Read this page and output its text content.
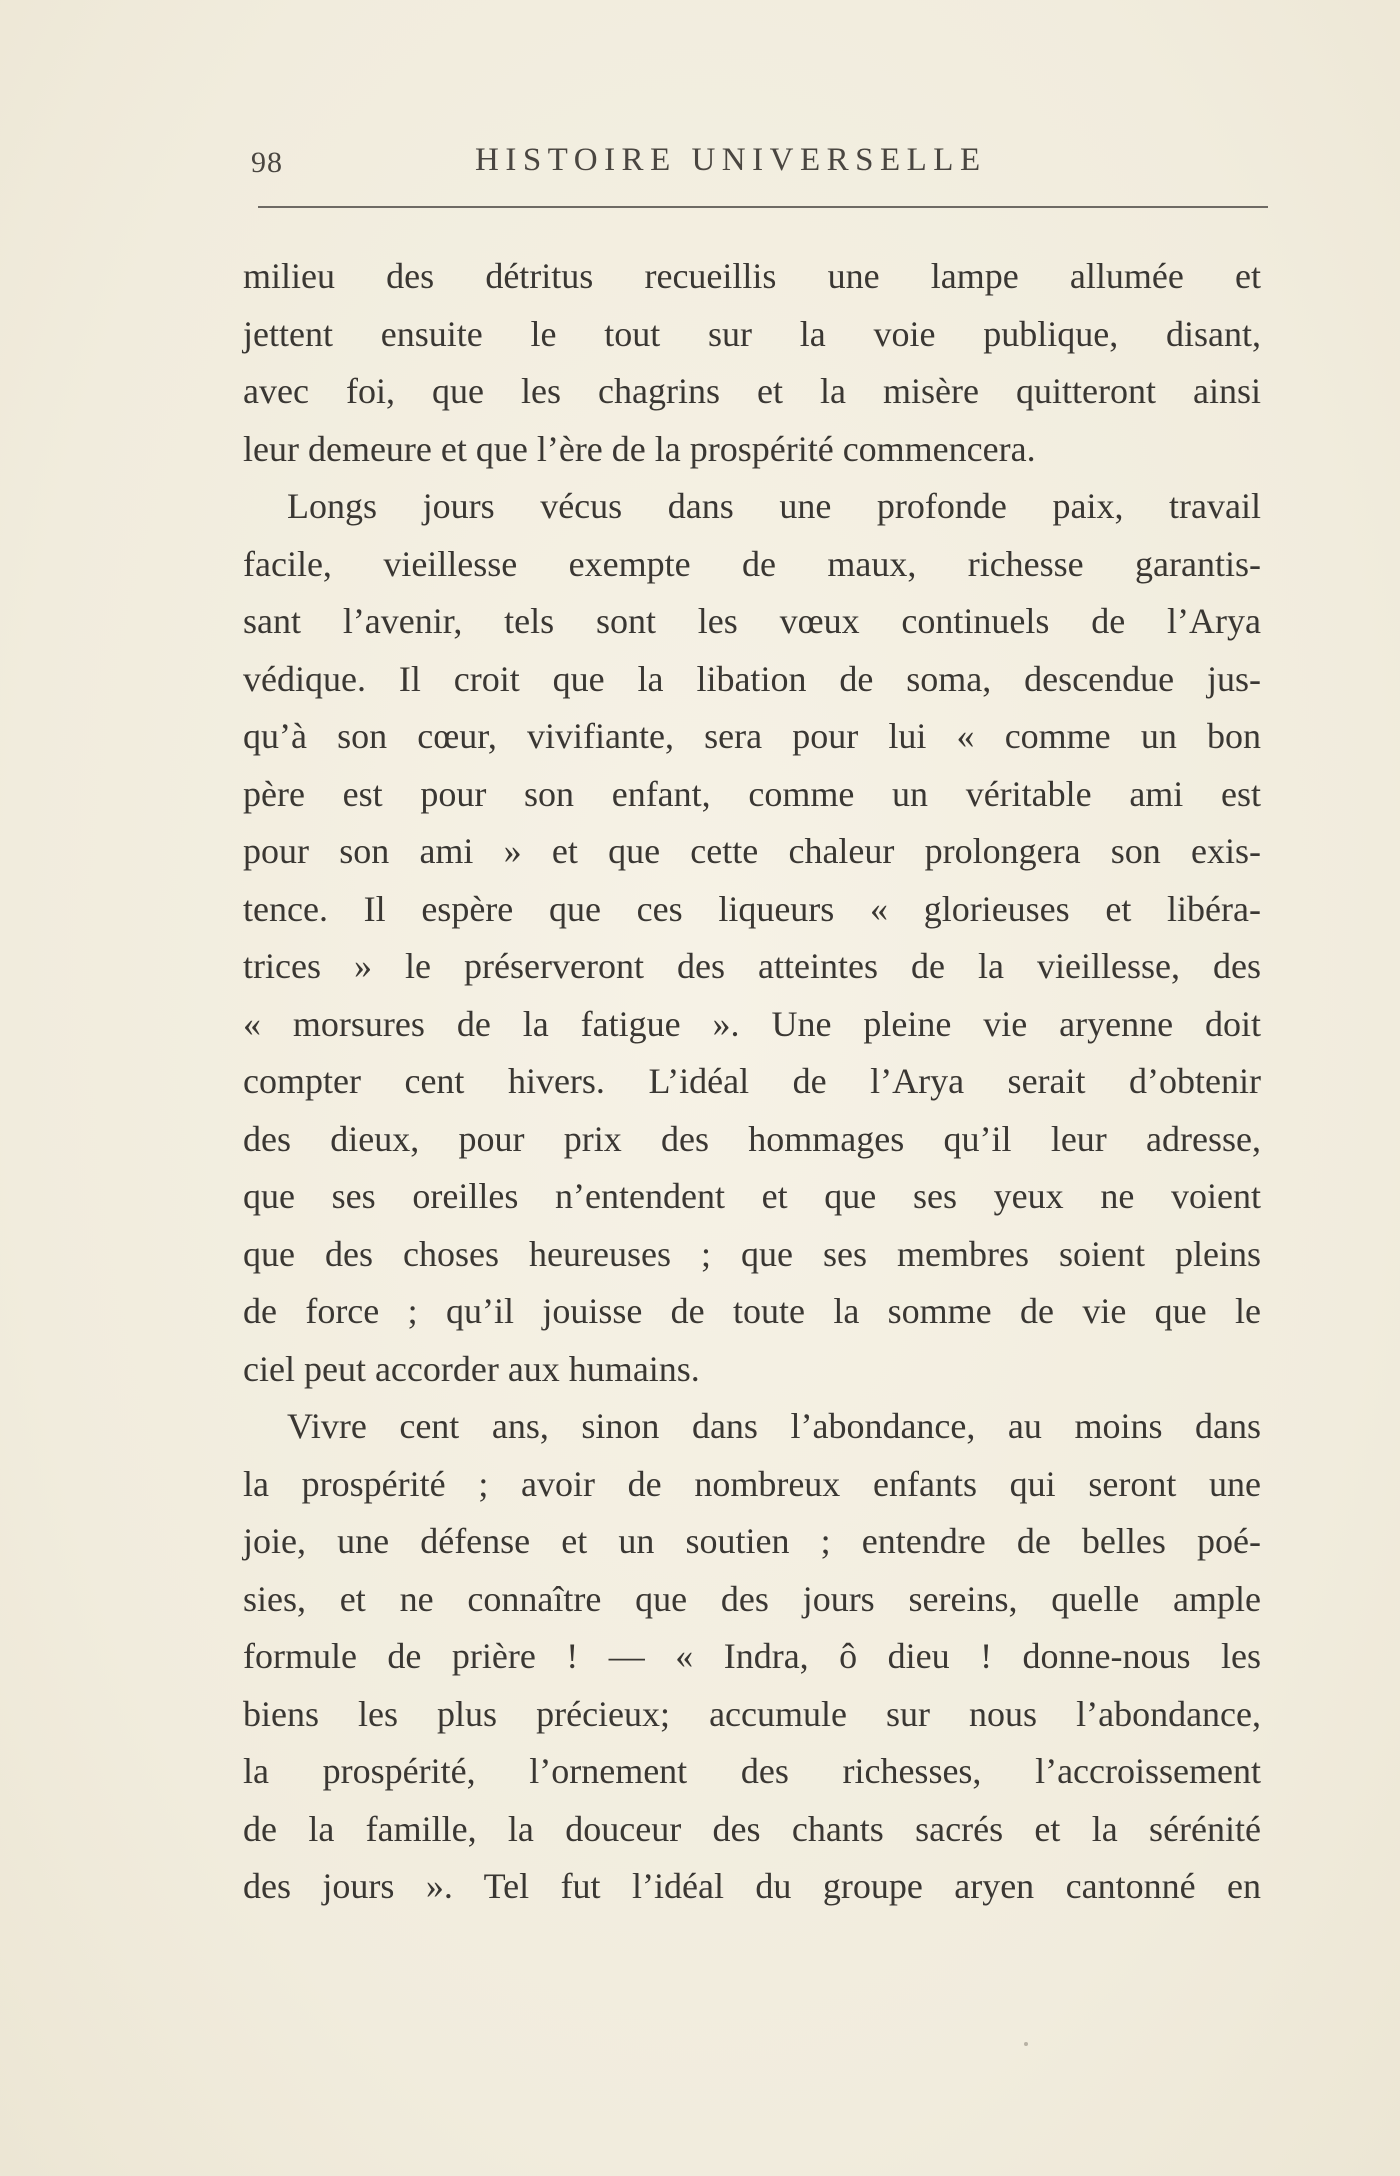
98	HISTOIRE UNIVERSELLE
milieu des détritus recueillis une lampe allumée et
jettent ensuite le tout sur la voie publique, disant,
avec foi, que les chagrins et la misère quitteront ainsi
leur demeure et que l’ère de la prospérité commencera.
Longs jours vécus dans une profonde paix, travail
facile, vieillesse exempte de maux, richesse garantis-
sant l’avenir, tels sont les vœux continuels de l’Arya
védique. Il croit que la libation de soma, descendue jus-
qu’à son cœur, vivifiante, sera pour lui « comme un bon
père est pour son enfant, comme un véritable ami est
pour son ami » et que cette chaleur prolongera son exis-
tence. Il espère que ces liqueurs « glorieuses et libéra-
trices » le préserveront des atteintes de la vieillesse, des
« morsures de la fatigue ». Une pleine vie aryenne doit
compter cent hivers. L’idéal de l’Arya serait d’obtenir
des dieux, pour prix des hommages qu’il leur adresse,
que ses oreilles n’entendent et que ses yeux ne voient
que des choses heureuses ; que ses membres soient pleins
de force ; qu’il jouisse de toute la somme de vie que le
ciel peut accorder aux humains.
Vivre cent ans, sinon dans l’abondance, au moins dans
la prospérité ; avoir de nombreux enfants qui seront une
joie, une défense et un soutien ; entendre de belles poé-
sies, et ne connaître que des jours sereins, quelle ample
formule de prière ! — « Indra, ô dieu ! donne-nous les
biens les plus précieux; accumule sur nous l’abondance,
la prospérité, l’ornement des richesses, l’accroissement
de la famille, la douceur des chants sacrés et la sérénité
des jours ». Tel fut l’idéal du groupe aryen cantonné en
